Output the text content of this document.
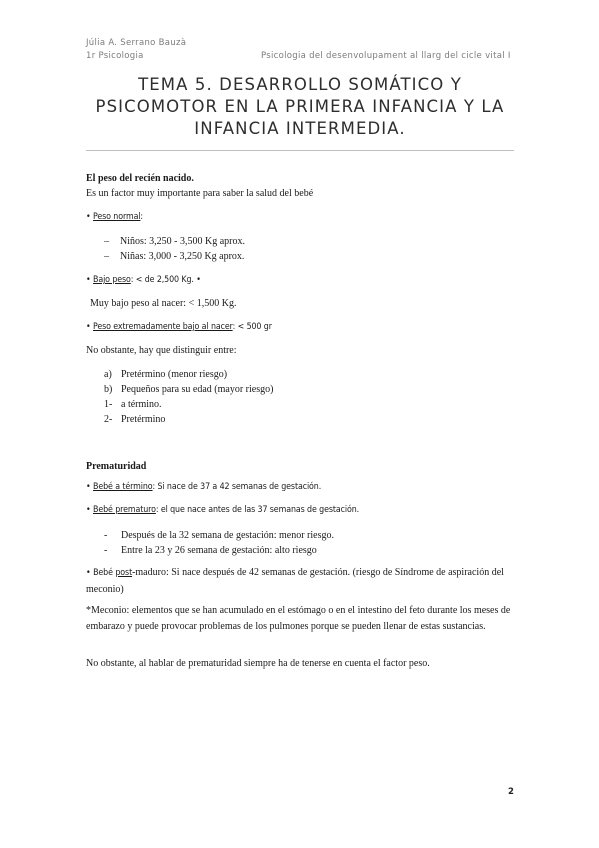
Júlia A. Serrano Bauzà
1r Psicologia	Psicologia del desenvolupament al llarg del cicle vital I
TEMA 5. DESARROLLO SOMÁTICO Y
PSICOMOTOR EN LA PRIMERA INFANCIA Y LA
INFANCIA INTERMEDIA.
El peso del recién nacido.
Es un factor muy importante para saber la salud del bebé
• Peso normal:
– Niños: 3,250 - 3,500 Kg aprox.
– Niñas: 3,000 - 3,250 Kg aprox.
• Bajo peso: < de 2,500 Kg. •
Muy bajo peso al nacer: < 1,500 Kg.
• Peso extremadamente bajo al nacer: < 500 gr
No obstante, hay que distinguir entre:
a) Pretérmino (menor riesgo)
b) Pequeños para su edad (mayor riesgo)
1- a término.
2- Pretérmino
Prematuridad
• Bebé a término: Si nace de 37 a 42 semanas de gestación.
• Bebé prematuro: el que nace antes de las 37 semanas de gestación.
- Después de la 32 semana de gestación: menor riesgo.
- Entre la 23 y 26 semana de gestación: alto riesgo
• Bebé post-maduro: Si nace después de 42 semanas de gestación. (riesgo de Síndrome de aspiración del meconio)
*Meconio: elementos que se han acumulado en el estómago o en el intestino del feto durante los meses de embarazo y puede provocar problemas de los pulmones porque se pueden llenar de estas sustancias.
No obstante, al hablar de prematuridad siempre ha de tenerse en cuenta el factor peso.
2
